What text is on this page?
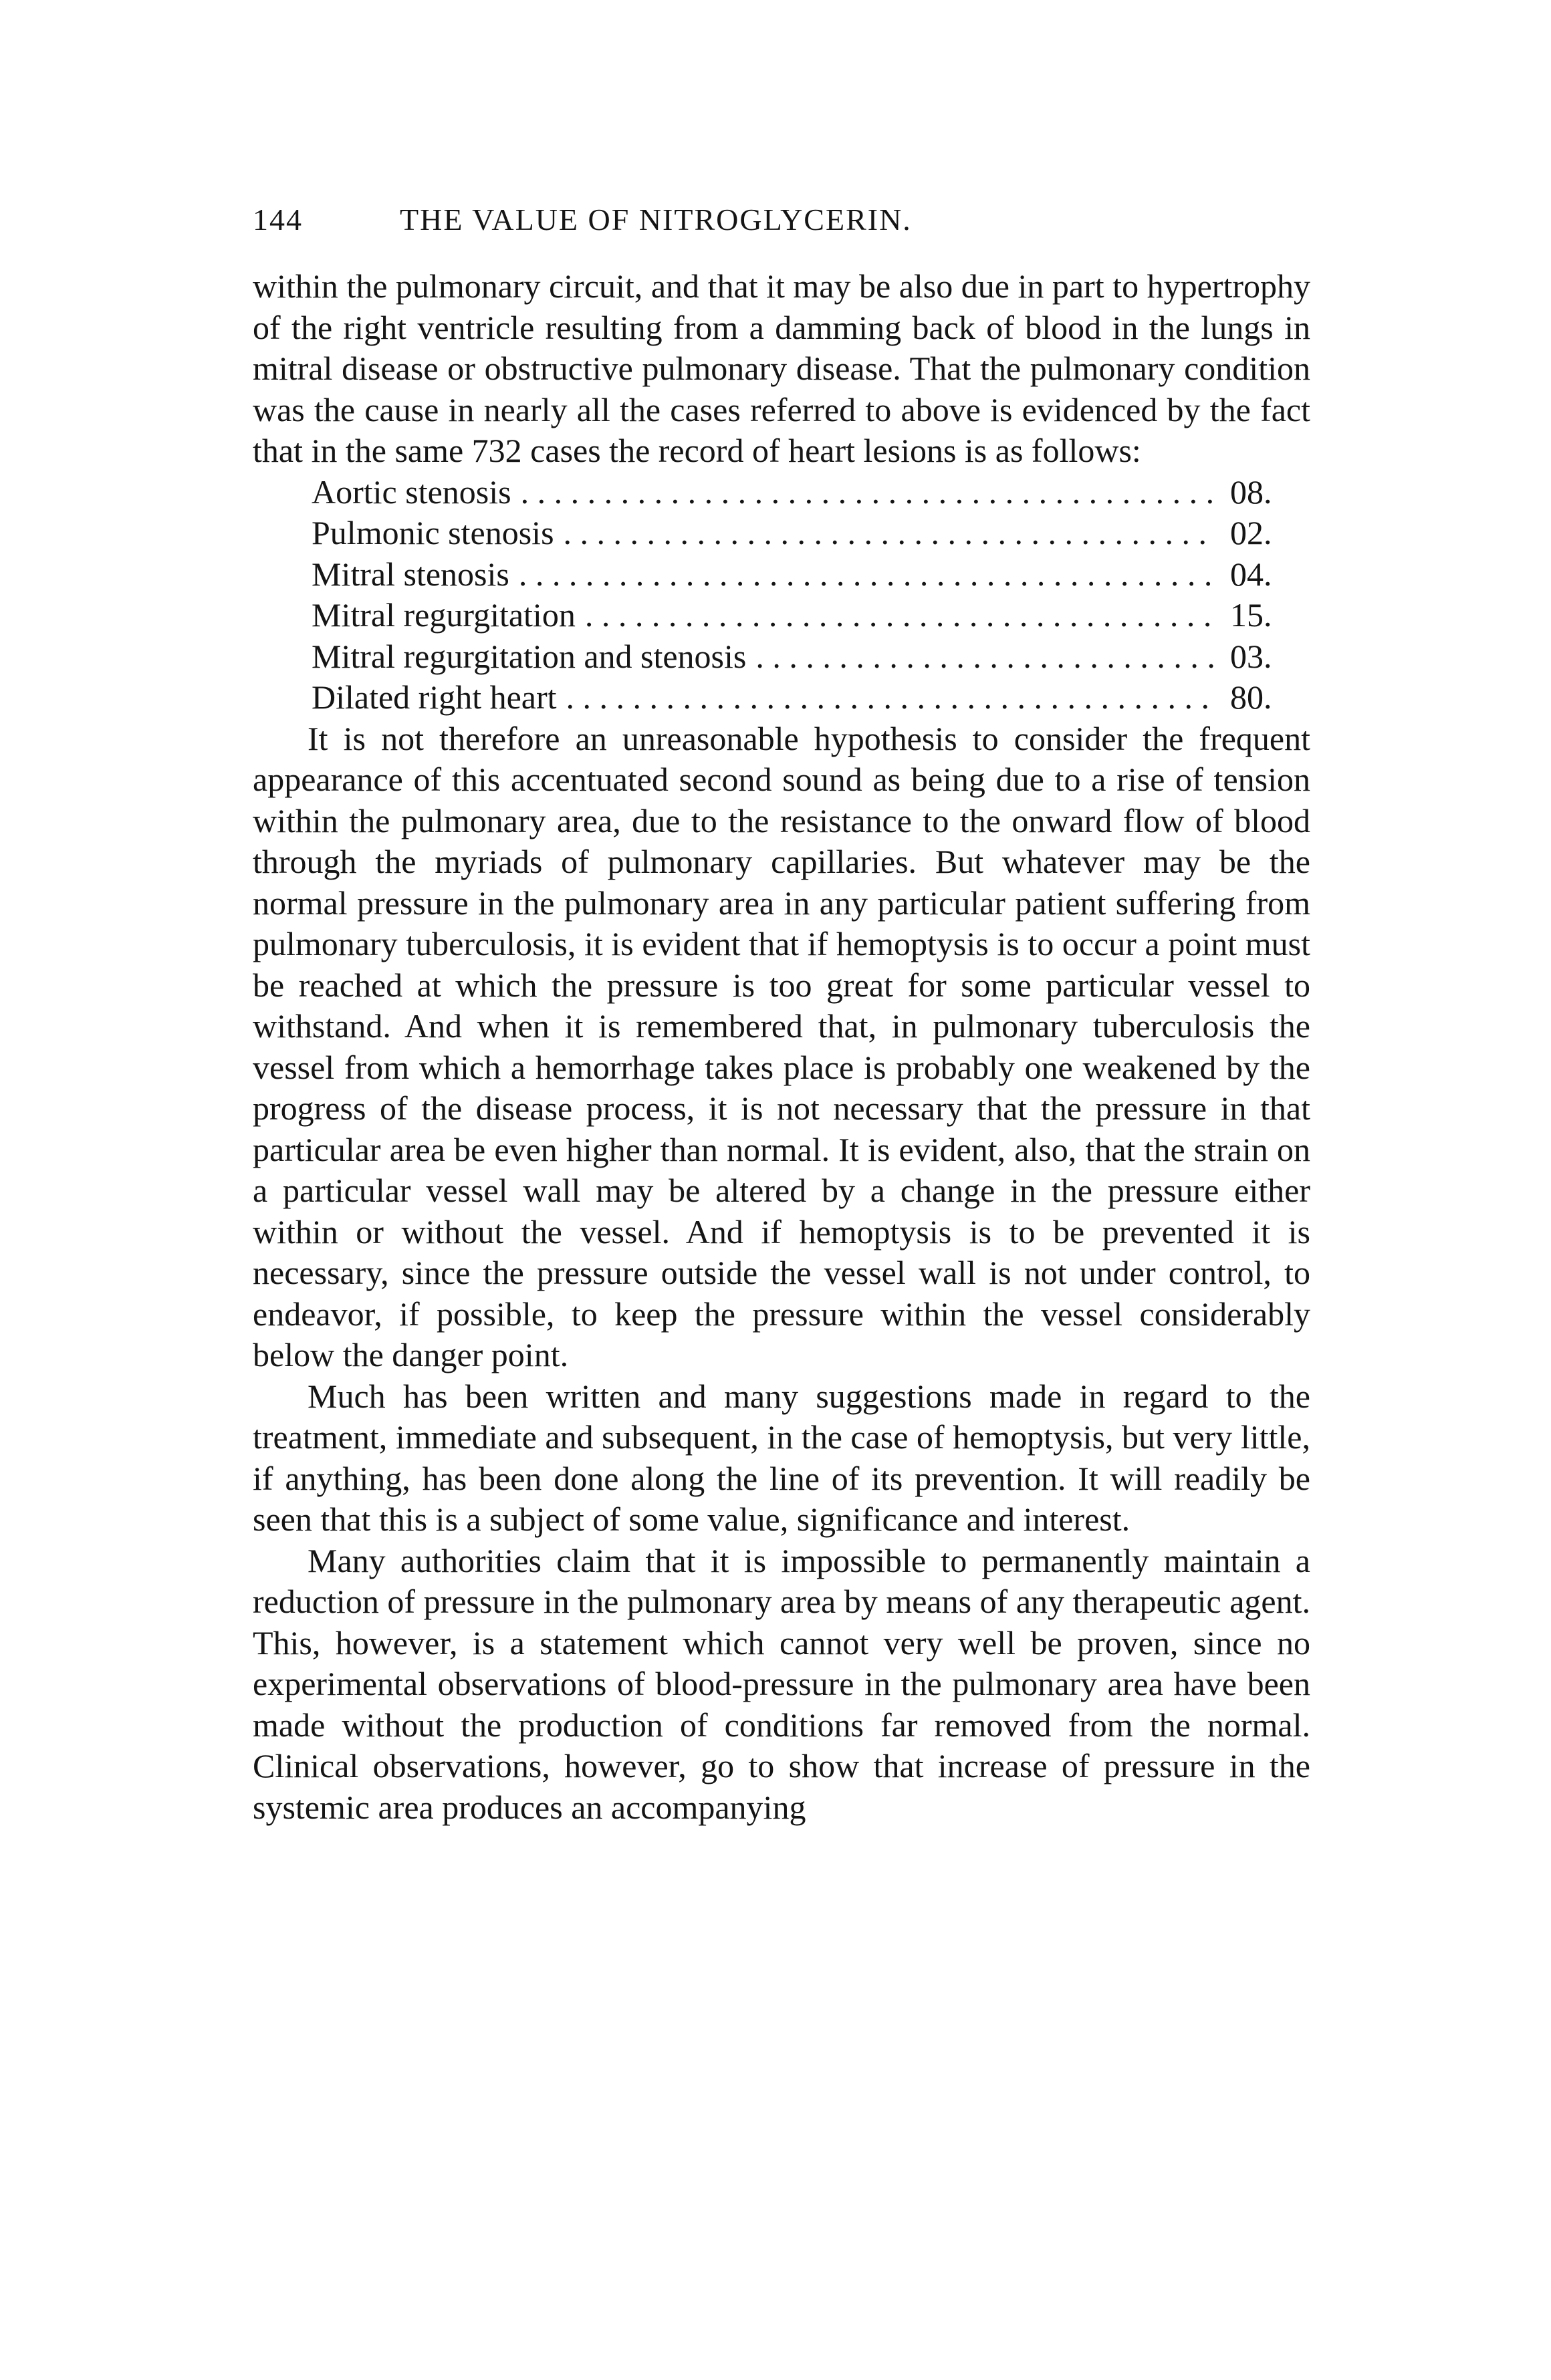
144	THE VALUE OF NITROGLYCERIN.

within the pulmonary circuit, and that it may be also due in part to hypertrophy of the right ventricle resulting from a damming back of blood in the lungs in mitral disease or obstructive pulmonary disease. That the pulmonary condition was the cause in nearly all the cases referred to above is evidenced by the fact that in the same 732 cases the record of heart lesions is as follows:

Aortic stenosis . . .	08.
Pulmonic stenosis . . .	02.
Mitral stenosis . . .	04.
Mitral regurgitation . . .	15.
Mitral regurgitation and stenosis . . .	03.
Dilated right heart . . .	80.

It is not therefore an unreasonable hypothesis to consider the frequent appearance of this accentuated second sound as being due to a rise of tension within the pulmonary area, due to the resistance to the onward flow of blood through the myriads of pulmonary capillaries. But whatever may be the normal pressure in the pulmonary area in any particular patient suffering from pulmonary tuberculosis, it is evident that if hemoptysis is to occur a point must be reached at which the pressure is too great for some particular vessel to withstand. And when it is remembered that, in pulmonary tuberculosis the vessel from which a hemorrhage takes place is probably one weakened by the progress of the disease process, it is not necessary that the pressure in that particular area be even higher than normal. It is evident, also, that the strain on a particular vessel wall may be altered by a change in the pressure either within or without the vessel. And if hemoptysis is to be prevented it is necessary, since the pressure outside the vessel wall is not under control, to endeavor, if possible, to keep the pressure within the vessel considerably below the danger point.

Much has been written and many suggestions made in regard to the treatment, immediate and subsequent, in the case of hemoptysis, but very little, if anything, has been done along the line of its prevention. It will readily be seen that this is a subject of some value, significance and interest.

Many authorities claim that it is impossible to permanently maintain a reduction of pressure in the pulmonary area by means of any therapeutic agent. This, however, is a statement which cannot very well be proven, since no experimental observations of blood-pressure in the pulmonary area have been made without the production of conditions far removed from the normal. Clinical observations, however, go to show that increase of pressure in the systemic area produces an accompanying
